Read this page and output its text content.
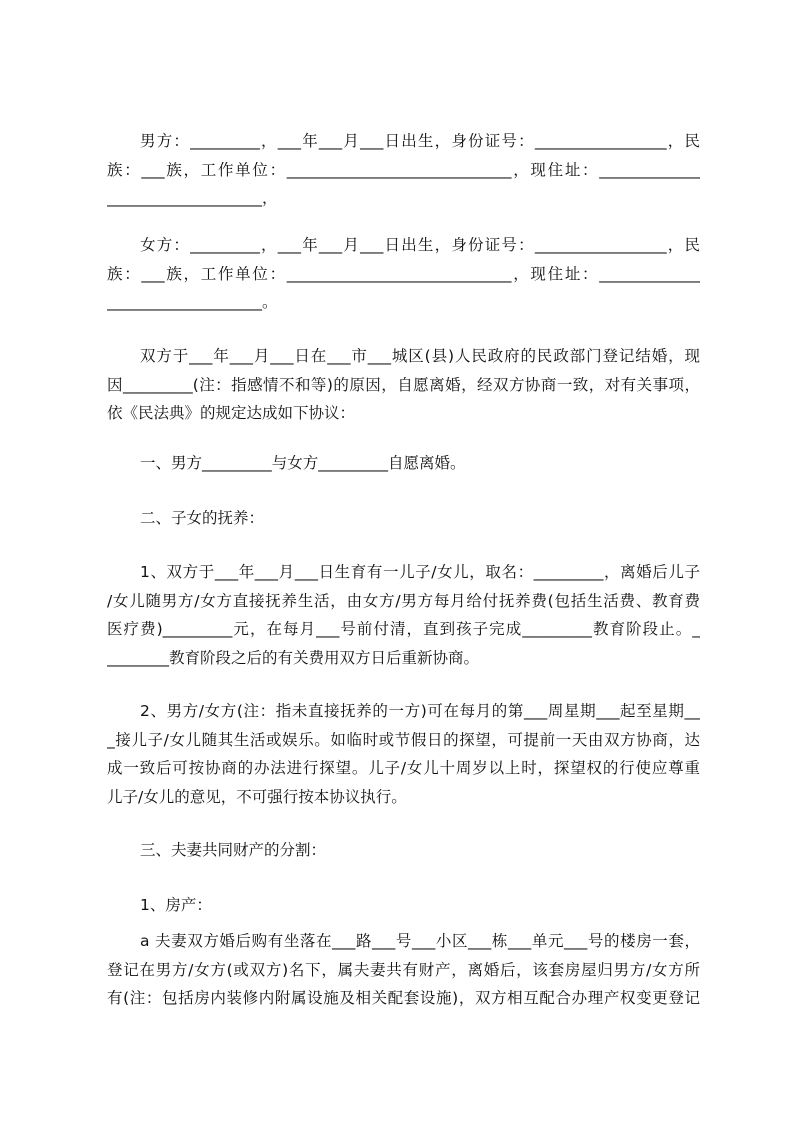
男方：_________，___年___月___日出生，身份证号：_________________，民
族：___族，工作单位：_____________________________，现住址：_____________
____________________，
女方：_________，___年___月___日出生，身份证号：_________________，民
族：___族，工作单位：_____________________________，现住址：_____________
____________________。
双方于___年___月___日在___市___城区(县)人民政府的民政部门登记结婚，现
因_________(注：指感情不和等)的原因，自愿离婚，经双方协商一致，对有关事项，
依《民法典》的规定达成如下协议：
一、男方_________与女方_________自愿离婚。
二、子女的抚养：
1、双方于___年___月___日生育有一儿子/女儿，取名：_________，离婚后儿子
/女儿随男方/女方直接抚养生活，由女方/男方每月给付抚养费(包括生活费、教育费
医疗费)_________元，在每月___号前付清，直到孩子完成_________教育阶段止。_
________教育阶段之后的有关费用双方日后重新协商。
2、男方/女方(注：指未直接抚养的一方)可在每月的第___周星期___起至星期__
_接儿子/女儿随其生活或娱乐。如临时或节假日的探望，可提前一天由双方协商，达
成一致后可按协商的办法进行探望。儿子/女儿十周岁以上时，探望权的行使应尊重
儿子/女儿的意见，不可强行按本协议执行。
三、夫妻共同财产的分割：
1、房产：
a 夫妻双方婚后购有坐落在___路___号___小区___栋___单元___号的楼房一套，
登记在男方/女方(或双方)名下，属夫妻共有财产，离婚后，该套房屋归男方/女方所
有(注：包括房内装修内附属设施及相关配套设施)，双方相互配合办理产权变更登记
